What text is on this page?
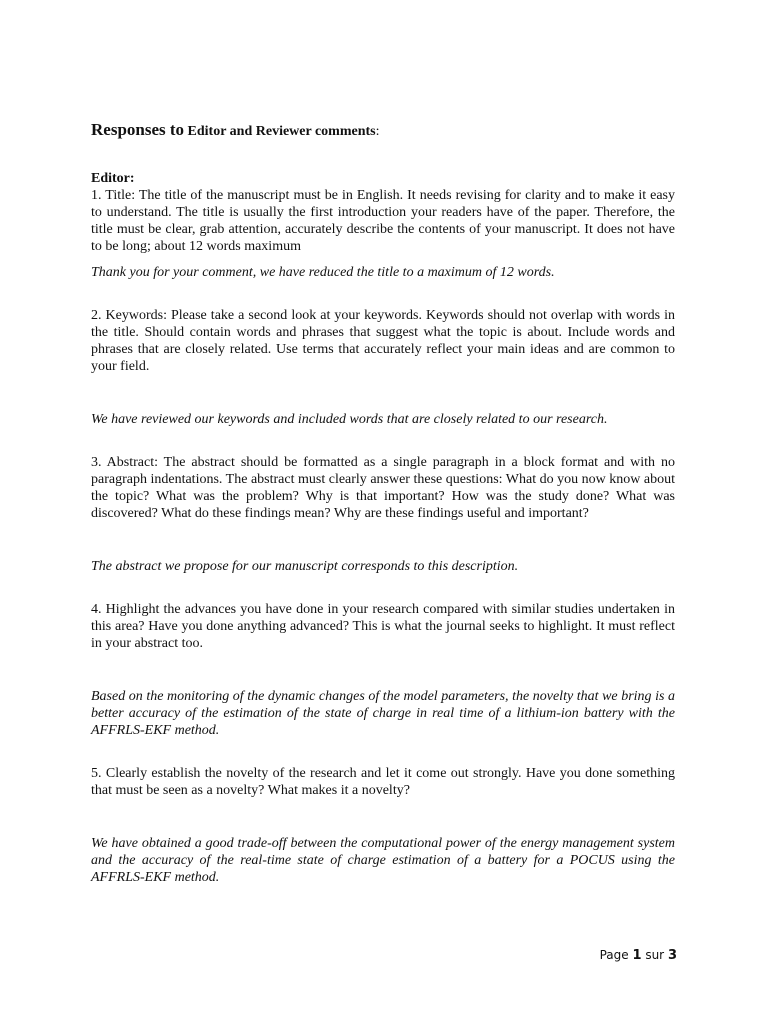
Responses to Editor and Reviewer comments:

Editor:

1. Title: The title of the manuscript must be in English. It needs revising for clarity and to make it easy to understand. The title is usually the first introduction your readers have of the paper. Therefore, the title must be clear, grab attention, accurately describe the contents of your manuscript. It does not have to be long; about 12 words maximum

Thank you for your comment, we have reduced the title to a maximum of 12 words.

2. Keywords: Please take a second look at your keywords. Keywords should not overlap with words in the title. Should contain words and phrases that suggest what the topic is about. Include words and phrases that are closely related. Use terms that accurately reflect your main ideas and are common to your field.

We have reviewed our keywords and included words that are closely related to our research.

3. Abstract: The abstract should be formatted as a single paragraph in a block format and with no paragraph indentations. The abstract must clearly answer these questions: What do you now know about the topic? What was the problem? Why is that important? How was the study done? What was discovered? What do these findings mean? Why are these findings useful and important?

The abstract we propose for our manuscript corresponds to this description.

4. Highlight the advances you have done in your research compared with similar studies undertaken in this area? Have you done anything advanced? This is what the journal seeks to highlight. It must reflect in your abstract too.

Based on the monitoring of the dynamic changes of the model parameters, the novelty that we bring is a better accuracy of the estimation of the state of charge in real time of a lithium-ion battery with the AFFRLS-EKF method.

5. Clearly establish the novelty of the research and let it come out strongly. Have you done something that must be seen as a novelty? What makes it a novelty?

We have obtained a good trade-off between the computational power of the energy management system and the accuracy of the real-time state of charge estimation of a battery for a POCUS using the AFFRLS-EKF method.

Page 1 sur 3
